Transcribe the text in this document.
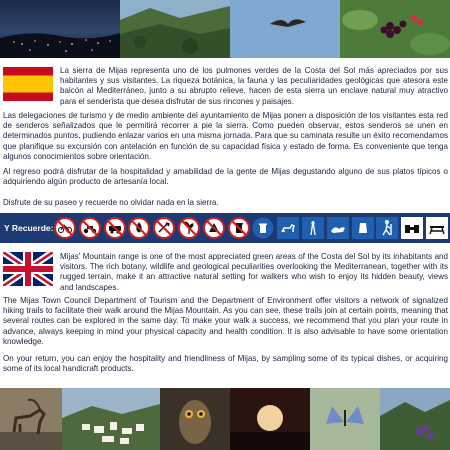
La sierra de Mijas representa uno de los pulmones verdes de la Costa del Sol más apreciados por sus habitantes y sus visitantes. La riqueza botánica, la fauna y las peculiaridades geológicas que atesora este balcón al Mediterráneo, junto a su abrupto relieve, hacen de esta sierra un enclave natural muy atractivo para el senderista que desea disfrutar de sus rincones y paisajes.

Las delegaciones de turismo y de medio ambiente del ayuntamiento de Mijas ponen a disposición de los visitantes esta red de senderos señalizados que le permitirá recorrer a pie la sierra. Como pueden observar, estos senderos se unen en determinados puntos, pudiendo enlazar varios en una misma jornada. Para que su caminata resulte un éxito recomendamos que planifique su excursión con antelación en función de su capacidad física y estado de forma. Es conveniente que tenga algunos conocimientos sobre orientación.

Al regreso podrá disfrutar de la hospitalidad y amabilidad de la gente de Mijas degustando alguno de sus platos típicos o adquiriendo algún producto de artesanía local.

Disfrute de su paseo y recuerde no olvidar nada en la sierra.

Y Recuerde:

Mijas' Mountain range is one of the most appreciated green areas of the Costa del Sol by its inhabitants and visitors. The rich botany, wildlife and geological peculiarities overlooking the Mediterranean, together with its rugged terrain, make it an attractive natural setting for walkers who wish to enjoy its hidden beauty, views and landscapes.

The Mijas Town Council Department of Tourism and the Department of Environment offer visitors a network of signalized hiking trails to facilitate their walk around the Mijas Mountain. As you can see, these trails join at certain points, meaning that several routes can be explored in the same day. To make your walk a success, we recommend that you plan your route in advance, always keeping in mind your physical capacity and health condition. It is also advisable to have some orientation knowledge.

On your return, you can enjoy the hospitality and friendliness of Mijas, by sampling some of its typical dishes, or acquiring some of its local handicraft products.
